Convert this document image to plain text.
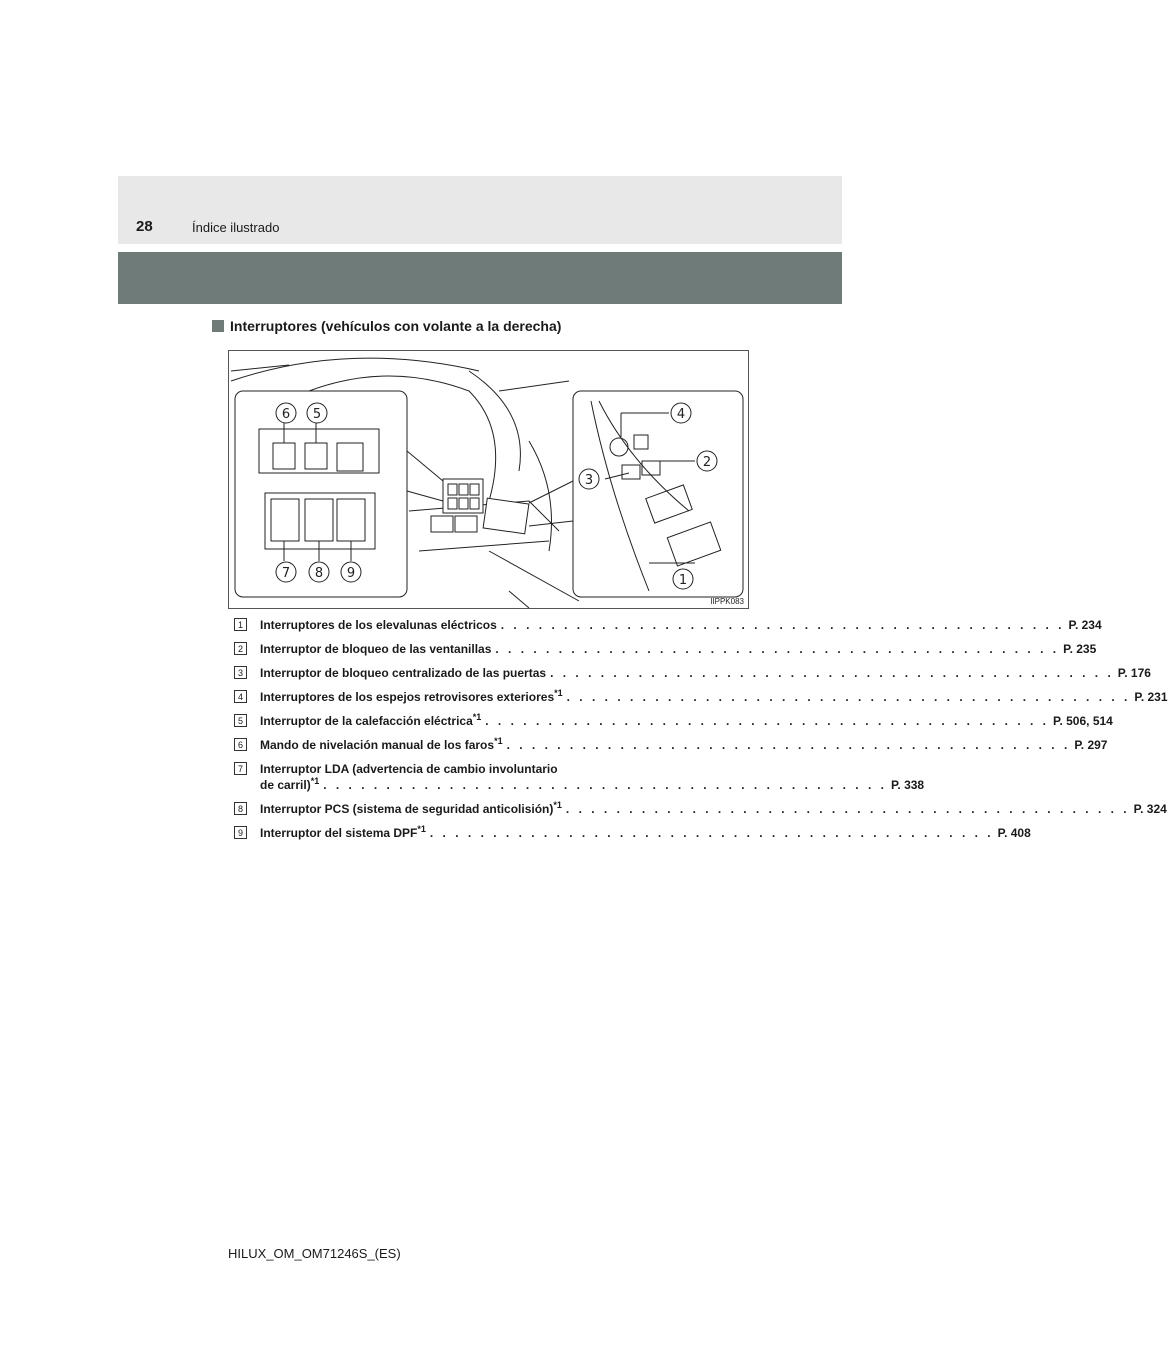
28	Índice ilustrado
Interruptores (vehículos con volante a la derecha)
6 5
7 8 9
4
2
3
1
IIPPK083
1	Interruptores de los elevalunas eléctricos . . . . . . . . . . . . . . . . . . . . . . . . . . . . . . . . . . . . . . . . . . . . . P. 234
2	Interruptor de bloqueo de las ventanillas . . . . . . . . . . . . . . . . . . . . . . . . . . . . . . . . . . . . . . . . . . . . . P. 235
3	Interruptor de bloqueo centralizado de las puertas . . . . . . . . . . . . . . . . . . . . . . . . . . . . . . . . . . . . . . . . . . . . . P. 176
4	Interruptores de los espejos retrovisores exteriores$^{*1}$ . . . . . . . . . . . . . . . . . . . . . . . . . . . . . . . . . . . . . . . . . . . . . P. 231
5	Interruptor de la calefacción eléctrica$^{*1}$ . . . . . . . . . . . . . . . . . . . . . . . . . . . . . . . . . . . . . . . . . . . . . P. 506, 514
6	Mando de nivelación manual de los faros$^{*1}$ . . . . . . . . . . . . . . . . . . . . . . . . . . . . . . . . . . . . . . . . . . . . . P. 297
7	Interruptor LDA (advertencia de cambio involuntario
de carril)$^{*1}$ . . . . . . . . . . . . . . . . . . . . . . . . . . . . . . . . . . . . . . . . . . . . . P. 338
8	Interruptor PCS (sistema de seguridad anticolisión)$^{*1}$ . . . . . . . . . . . . . . . . . . . . . . . . . . . . . . . . . . . . . . . . . . . . . P. 324
9	Interruptor del sistema DPF$^{*1}$ . . . . . . . . . . . . . . . . . . . . . . . . . . . . . . . . . . . . . . . . . . . . . P. 408
HILUX_OM_OM71246S_(ES)
